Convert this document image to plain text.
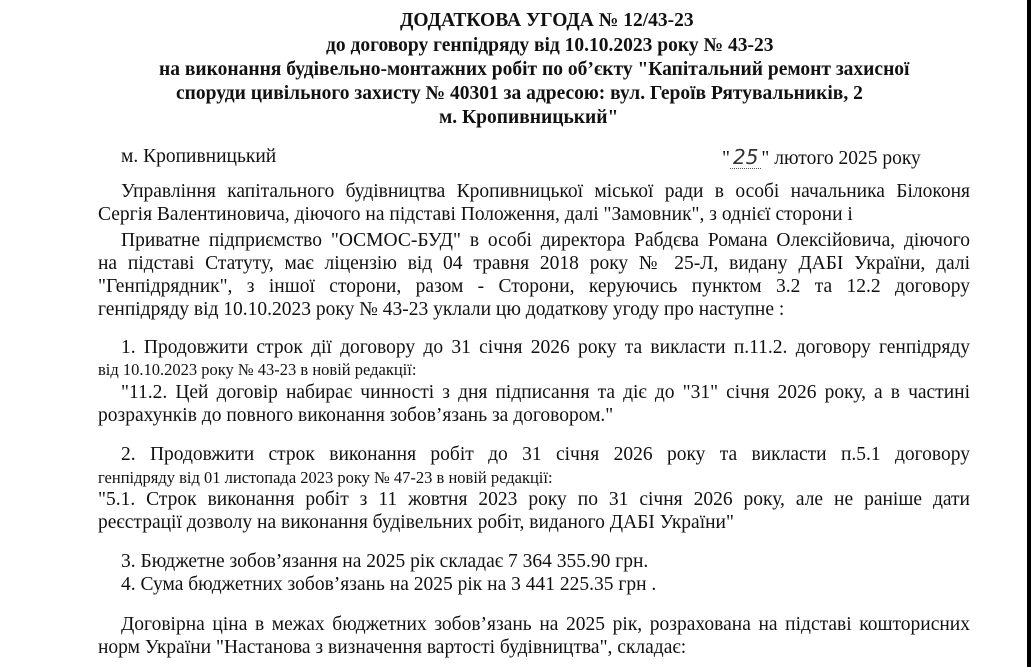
ДОДАТКОВА УГОДА № 12/43-23
до договору генпідряду від 10.10.2023 року № 43-23
на виконання будівельно-монтажних робіт по об’єкту "Капітальний ремонт захисної
споруди цивільного захисту № 40301 за адресою: вул. Героїв Рятувальників, 2
м. Кропивницький"
м. Кропивницький	" 25 " лютого 2025 року
Управління капітального будівництва Кропивницької міської ради в особі начальника Білоконя
Сергія Валентиновича, діючого на підставі Положення, далі "Замовник", з однієї сторони і
Приватне підприємство "ОСМОС-БУД" в особі директора Рабдєва Романа Олексійовича, діючого
на підставі Статуту, має ліцензію від 04 травня 2018 року № 25-Л, видану ДАБІ України, далі
"Генпідрядник", з іншої сторони, разом - Сторони, керуючись пунктом 3.2 та 12.2 договору
генпідряду від 10.10.2023 року № 43-23 уклали цю додаткову угоду про наступне :
1. Продовжити строк дії договору до 31 січня 2026 року та викласти п.11.2. договору генпідряду
від 10.10.2023 року № 43-23 в новій редакції:
"11.2. Цей договір набирає чинності з дня підписання та діє до "31" січня 2026 року, а в частині
розрахунків до повного виконання зобов’язань за договором."
2. Продовжити строк виконання робіт до 31 січня 2026 року та викласти п.5.1 договору
генпідряду від 01 листопада 2023 року № 47-23 в новій редакції:
"5.1. Строк виконання робіт з 11 жовтня 2023 року по 31 січня 2026 року, але не раніше дати
реєстрації дозволу на виконання будівельних робіт, виданого ДАБІ України"
3. Бюджетне зобов’язання на 2025 рік складає 7 364 355.90 грн.
4. Сума бюджетних зобов’язань на 2025 рік на 3 441 225.35 грн .
Договірна ціна в межах бюджетних зобов’язань на 2025 рік, розрахована на підставі кошторисних
норм України "Настанова з визначення вартості будівництва", складає:
